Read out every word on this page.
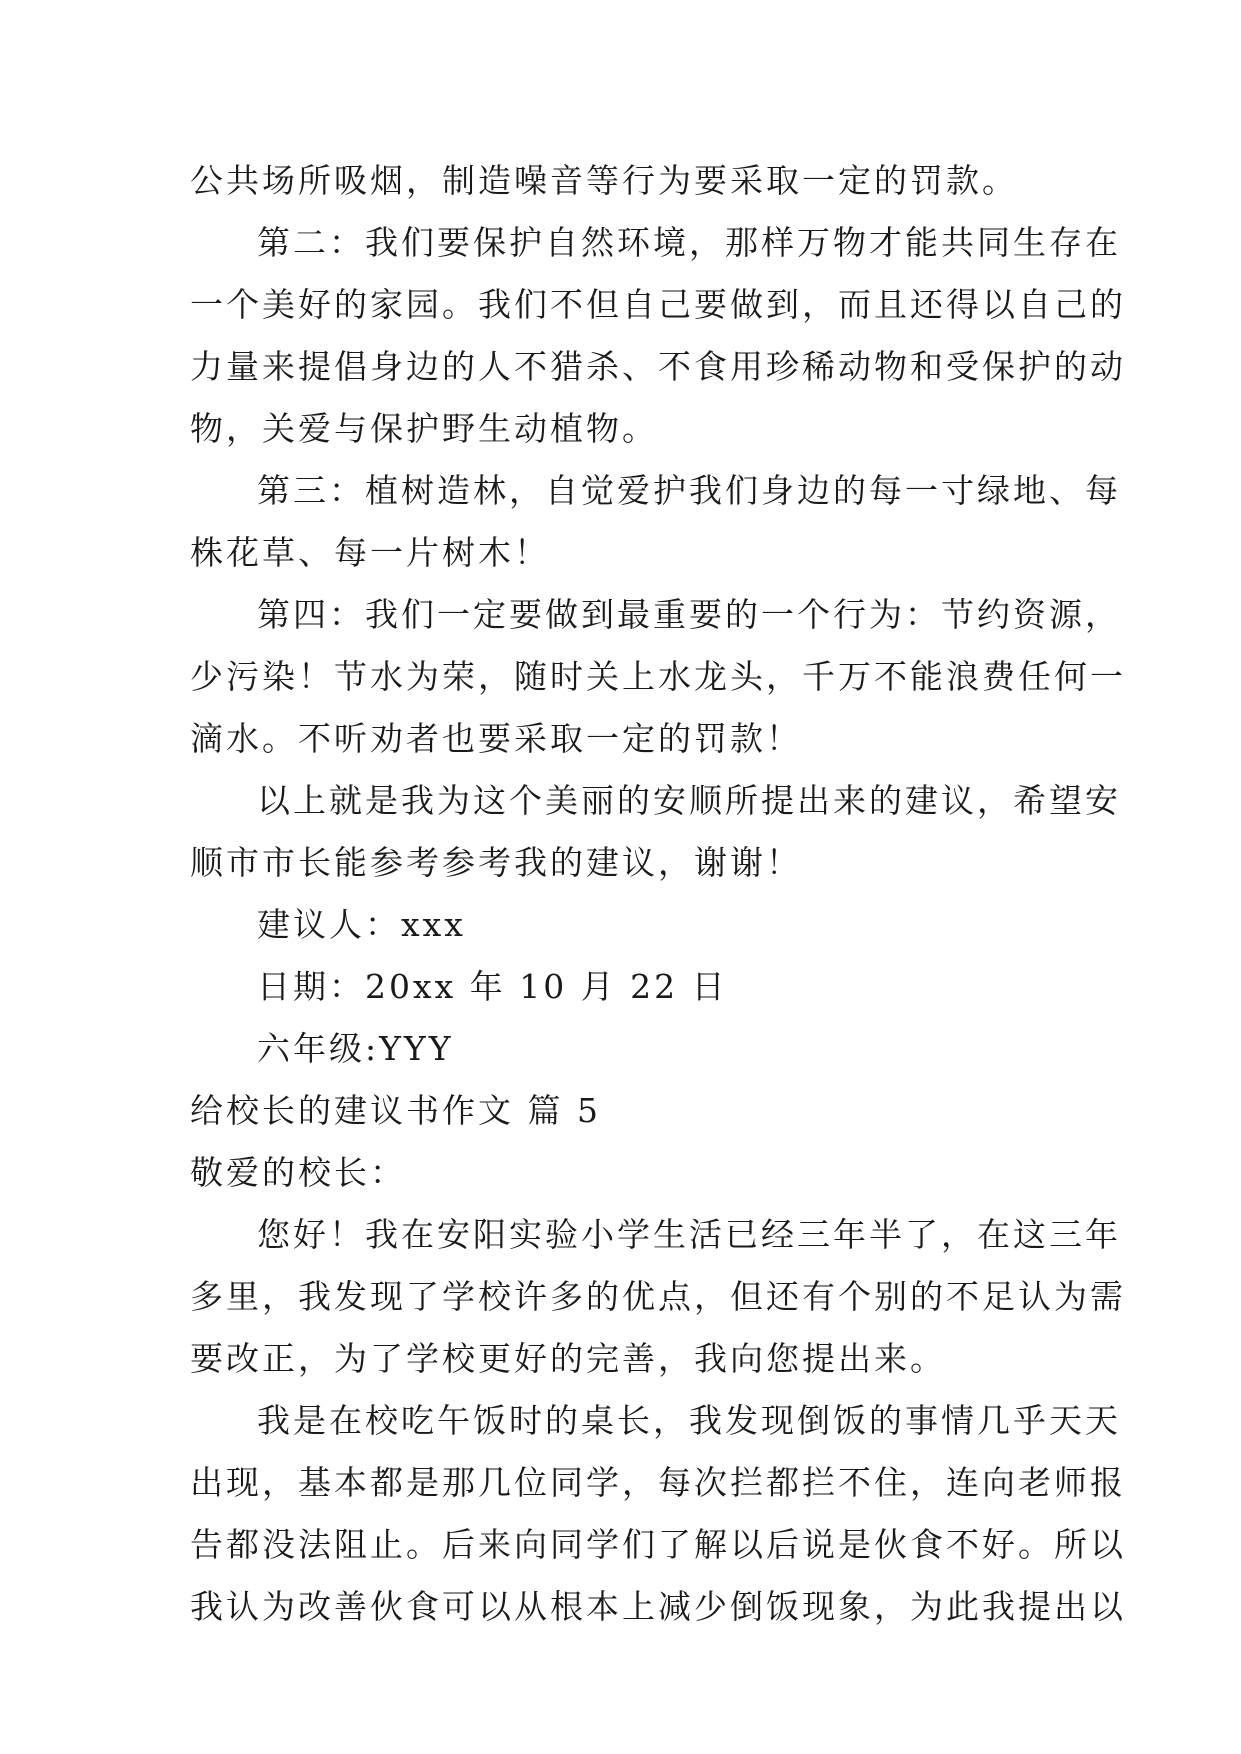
公共场所吸烟，制造噪音等行为要采取一定的罚款。

第二：我们要保护自然环境，那样万物才能共同生存在

一个美好的家园。我们不但自己要做到，而且还得以自己的

力量来提倡身边的人不猎杀、不食用珍稀动物和受保护的动

物，关爱与保护野生动植物。

第三：植树造林，自觉爱护我们身边的每一寸绿地、每

株花草、每一片树木！

第四：我们一定要做到最重要的一个行为：节约资源，

少污染！节水为荣，随时关上水龙头，千万不能浪费任何一

滴水。不听劝者也要采取一定的罚款！

以上就是我为这个美丽的安顺所提出来的建议，希望安

顺市市长能参考参考我的建议，谢谢！

建议人：xxx

日期：20xx 年 10 月 22 日

六年级:YYY

给校长的建议书作文 篇 5

敬爱的校长：

您好！我在安阳实验小学生活已经三年半了，在这三年

多里，我发现了学校许多的优点，但还有个别的不足认为需

要改正，为了学校更好的完善，我向您提出来。

我是在校吃午饭时的桌长，我发现倒饭的事情几乎天天

出现，基本都是那几位同学，每次拦都拦不住，连向老师报

告都没法阻止。后来向同学们了解以后说是伙食不好。所以

我认为改善伙食可以从根本上减少倒饭现象，为此我提出以
